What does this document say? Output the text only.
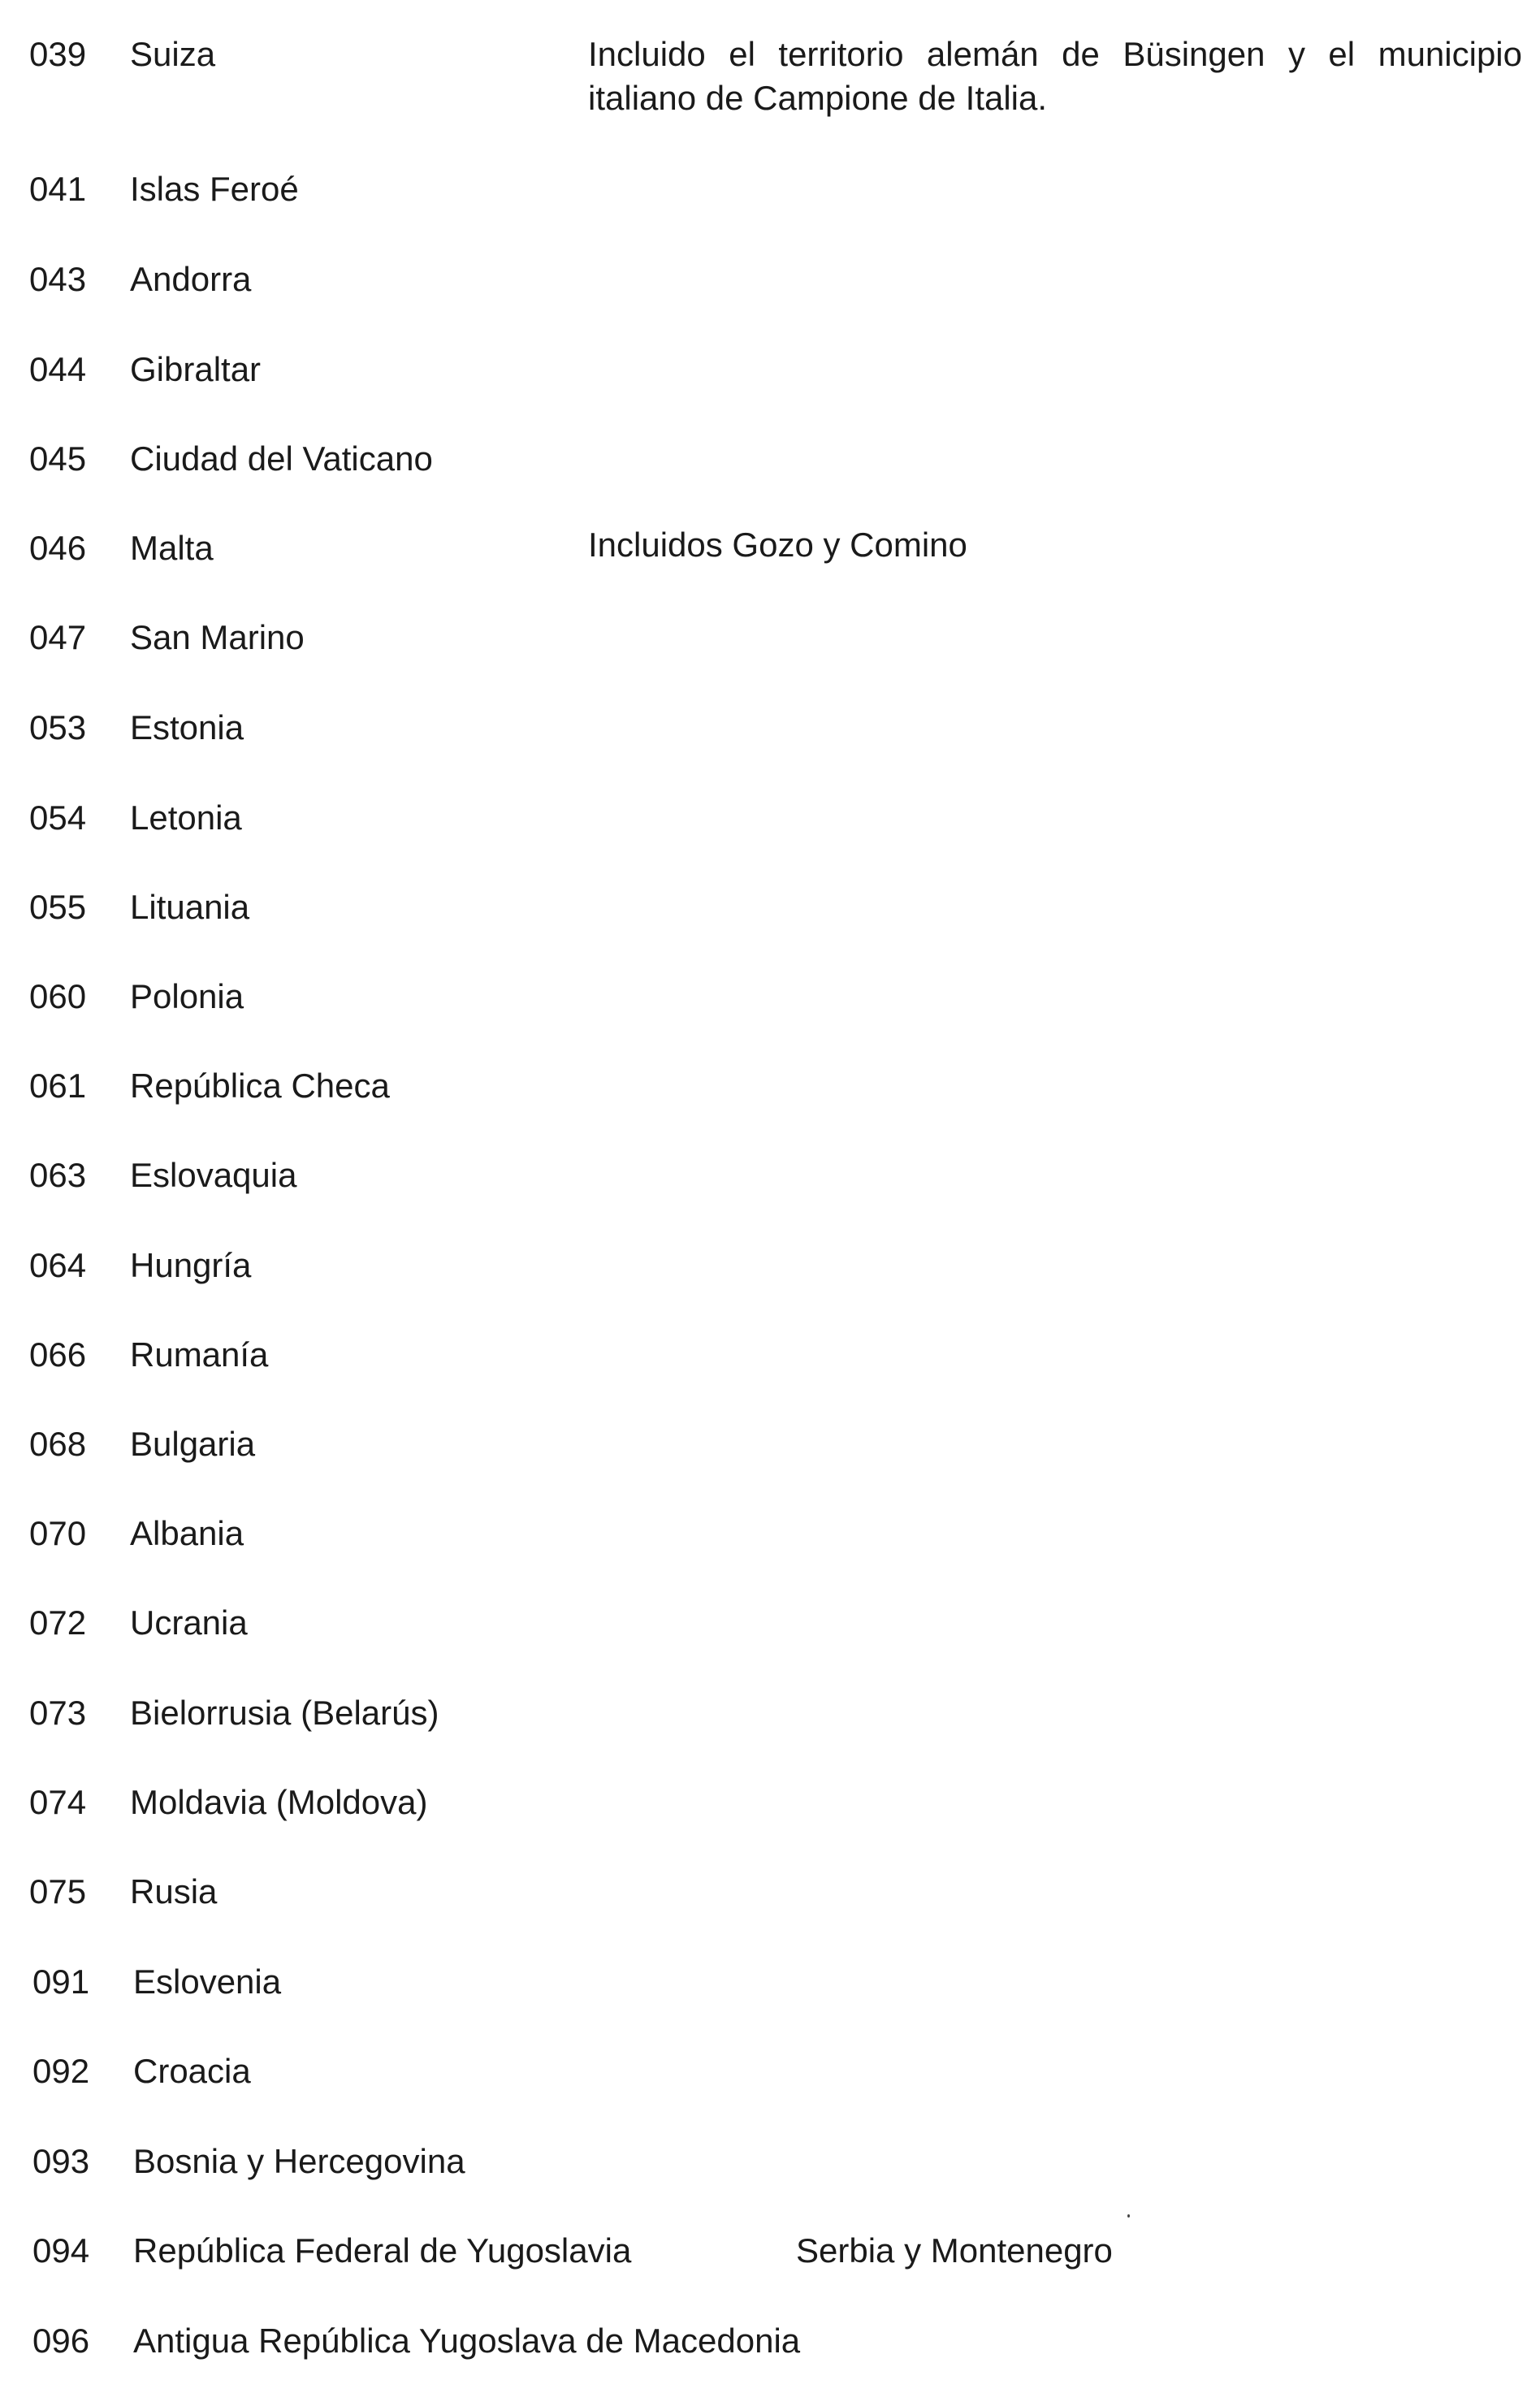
039 Suiza	Incluido el territorio alemán de Büsingen y el municipio italiano de Campione de Italia.
041 Islas Feroé
043 Andorra
044 Gibraltar
045 Ciudad del Vaticano
046 Malta	Incluidos Gozo y Comino
047 San Marino
053 Estonia
054 Letonia
055 Lituania
060 Polonia
061 República Checa
063 Eslovaquia
064 Hungría
066 Rumanía
068 Bulgaria
070 Albania
072 Ucrania
073 Bielorrusia (Belarús)
074 Moldavia (Moldova)
075 Rusia
091 Eslovenia
092 Croacia
093 Bosnia y Hercegovina
094 República Federal de Yugoslavia	Serbia y Montenegro
096 Antigua República Yugoslava de Macedonia
